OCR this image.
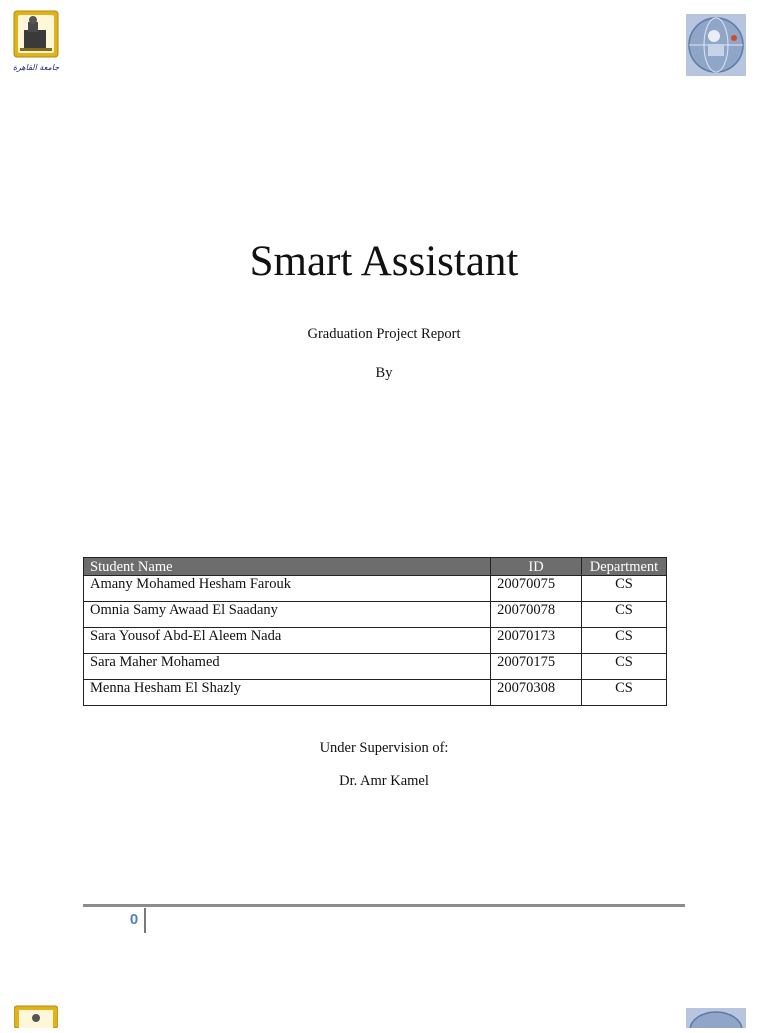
جامعة القاهرة
Smart Assistant
Graduation Project Report
By
Student Name	ID	Department
Amany Mohamed Hesham Farouk	20070075	CS
Omnia Samy Awaad El Saadany	20070078	CS
Sara Yousof Abd-El Aleem Nada	20070173	CS
Sara Maher Mohamed	20070175	CS
Menna Hesham El Shazly	20070308	CS
Under Supervision of:
Dr. Amr Kamel
0
